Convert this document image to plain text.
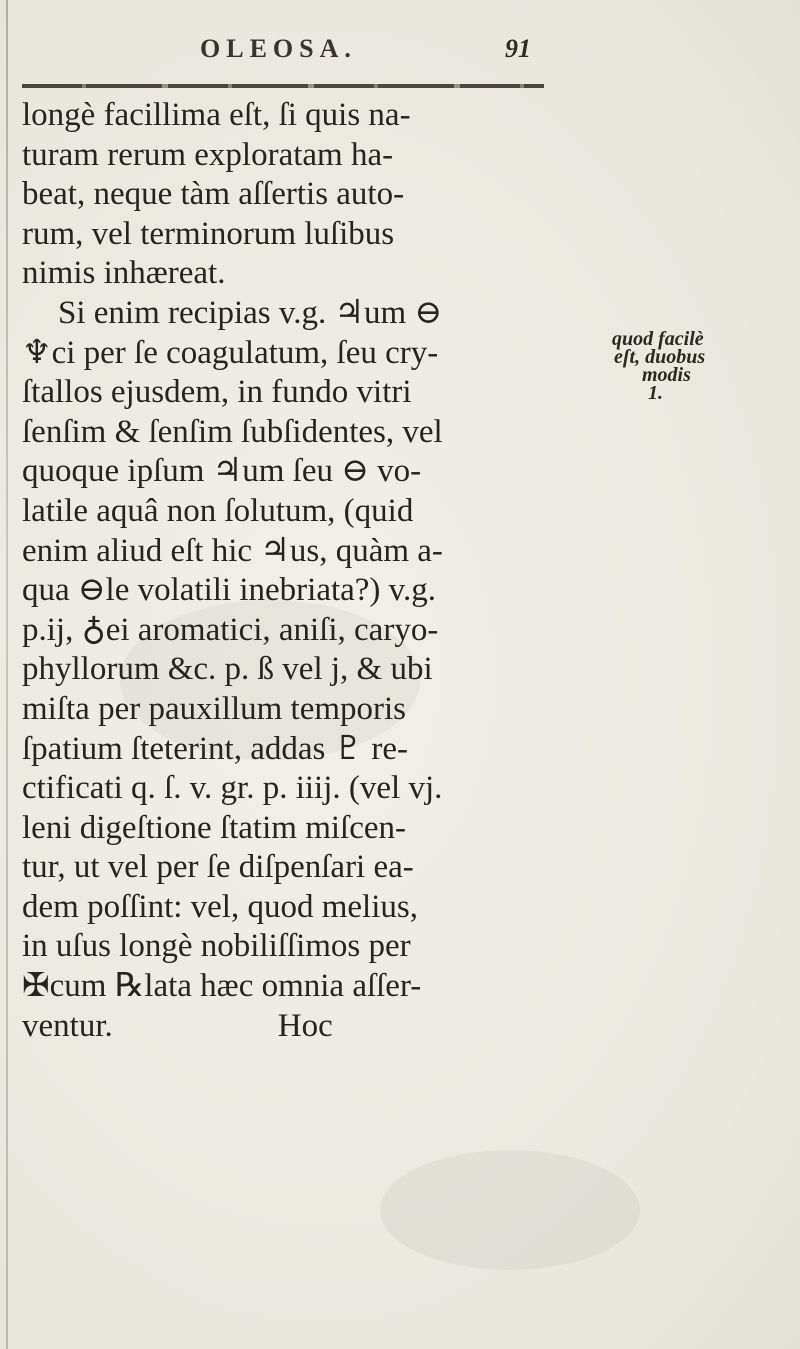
OLEOSA.	91
longè facillima eſt, ſi quis na-
turam rerum exploratam ha-
beat, neque tàm aſſertis auto-
rum, vel terminorum luſibus
nimis inhæreat.
Si enim recipias v.g. ♃um ⊖
♆ci per ſe coagulatum, ſeu cry-
ſtallos ejusdem, in fundo vitri
ſenſim & ſenſim ſubſidentes, vel
quoque ipſum ♃um ſeu ⊖ vo-
latile aquâ non ſolutum, (quid
enim aliud eſt hic ♃us, quàm a-
qua ⊖le volatili inebriata?) v.g.
p.ij, ♁ei aromatici, aniſi, caryo-
phyllorum &c. p. ß vel j, & ubi
miſta per pauxillum temporis
ſpatium ſteterint, addas ♇ re-
ctificati q. ſ. v. gr. p. iiij. (vel vj.
leni digeſtione ſtatim miſcen-
tur, ut vel per ſe diſpenſari ea-
dem poſſint: vel, quod melius,
in uſus longè nobiliſſimos per
✠cum ℞lata hæc omnia aſſer-
ventur.                    Hoc
quod facilè
eſt, duobus
modis
1.
